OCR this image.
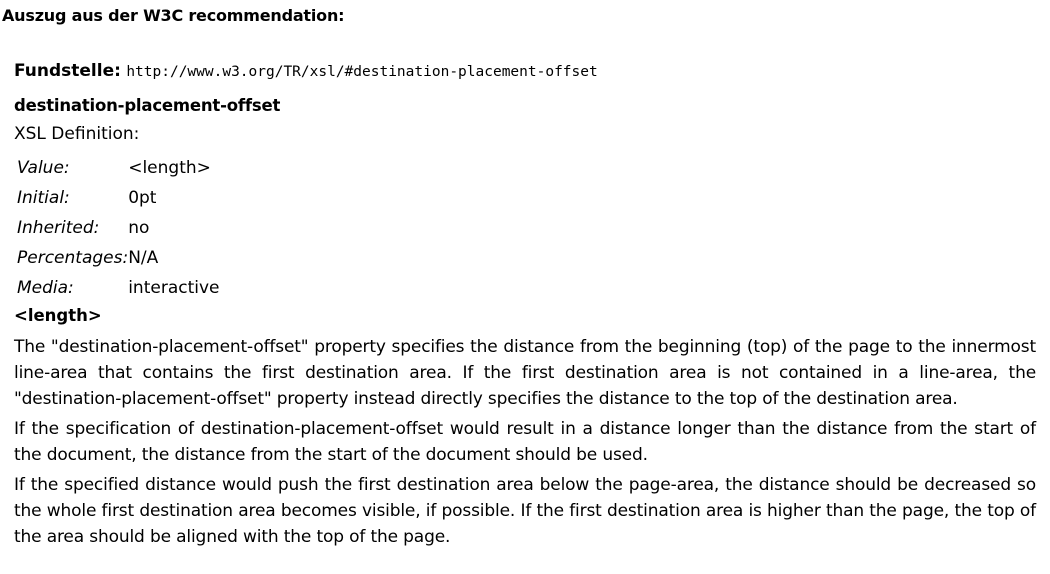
Auszug aus der W3C recommendation:

Fundstelle: http://www.w3.org/TR/xsl/#destination-placement-offset

destination-placement-offset
XSL Definition:
Value:	<length>
Initial:	0pt
Inherited:	no
Percentages:	N/A
Media:	interactive
<length>

The "destination-placement-offset" property specifies the distance from the beginning (top) of the page to the innermost line-area that contains the first destination area. If the first destination area is not contained in a line-area, the "destination-placement-offset" property instead directly specifies the distance to the top of the destination area.

If the specification of destination-placement-offset would result in a distance longer than the distance from the start of the document, the distance from the start of the document should be used.

If the specified distance would push the first destination area below the page-area, the distance should be decreased so the whole first destination area becomes visible, if possible. If the first destination area is higher than the page, the top of the area should be aligned with the top of the page.
